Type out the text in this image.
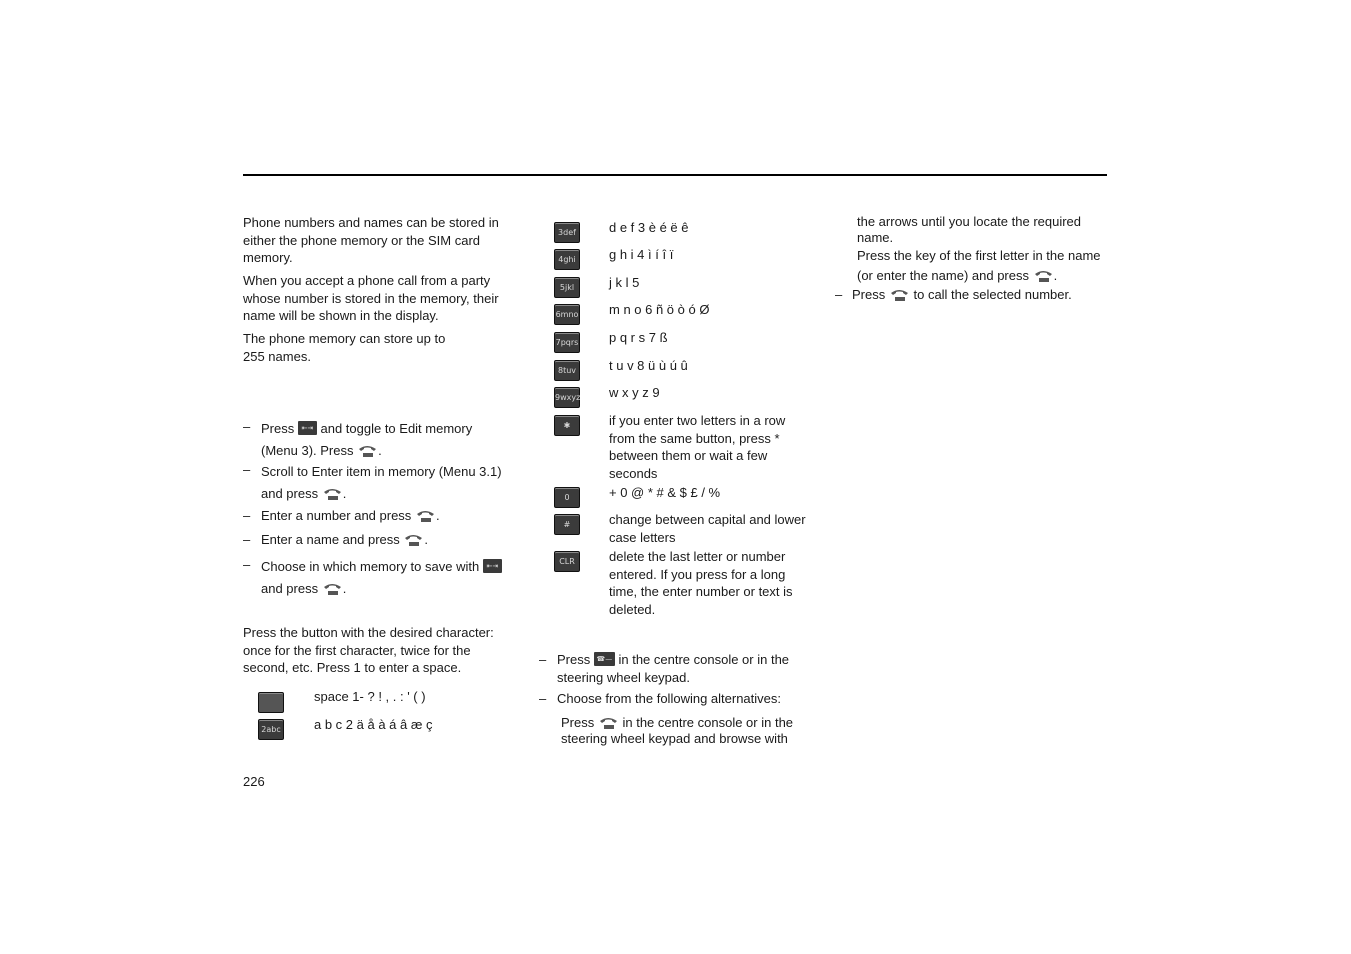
Phone numbers and names can be stored in either the phone memory or the SIM card memory.
When you accept a phone call from a party whose number is stored in the memory, their name will be shown in the display.
The phone memory can store up to
255 names.
– Press	⇤⇥ and toggle to Edit memory
(Menu 3). Press .
– Scroll to Enter item in memory (Menu 3.1)
and press .
– Enter a number and press .
– Enter a name and press .
– Choose in which memory to save with	⇤⇥

and press .
Press the button with the desired character: once for the first character, twice for the second, etc. Press 1 to enter a space.
space 1- ? ! , . : ' ( )
2abc	a b c 2 ä å à á â æ ç
3def	d e f 3 è é ë ê
4ghi	g h i 4 ì í î ï
5jkl	j k l 5
6mno m n o 6 ñ ö ò ó Ø
7pqrs p q r s 7 ß
8tuv	t u v 8 ü ù ú û
9wxyz w x y z 9
✱	if you enter two letters in a row from the same button, press * between them or wait a few seconds
0	+ 0 @ * # & $ £ / %
#	change between capital and lower case letters
CLR	delete the last letter or number entered. If you press for a long time, the enter number or text is deleted.
– Press ☎— in the centre console or in the
steering wheel keypad.
– Choose from the following alternatives:
Press in the centre console or in the
steering wheel keypad and browse with
the arrows until you locate the required name.
Press the key of the first letter in the name
(or enter the name) and press .
– Press to call the selected number.
226
